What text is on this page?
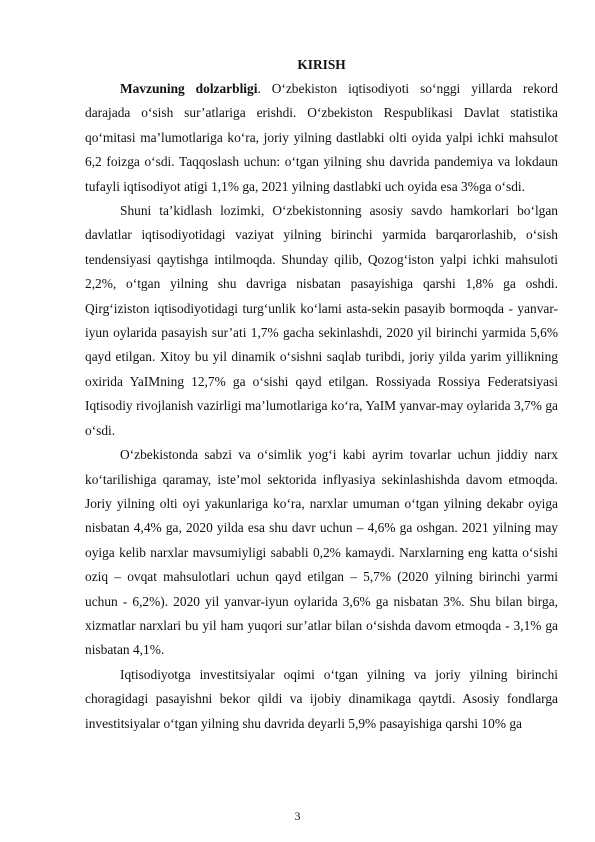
KIRISH

Mavzuning dolzarbligi. O‘zbekiston iqtisodiyoti so‘nggi yillarda rekord darajada o‘sish sur’atlariga erishdi. O‘zbekiston Respublikasi Davlat statistika qo‘mitasi ma’lumotlariga ko‘ra, joriy yilning dastlabki olti oyida yalpi ichki mahsulot 6,2 foizga o‘sdi. Taqqoslash uchun: o‘tgan yilning shu davrida pandemiya va lokdaun tufayli iqtisodiyot atigi 1,1% ga, 2021 yilning dastlabki uch oyida esa 3%ga o‘sdi.

Shuni ta’kidlash lozimki, O‘zbekistonning asosiy savdo hamkorlari bo‘lgan davlatlar iqtisodiyotidagi vaziyat yilning birinchi yarmida barqarorlashib, o‘sish tendensiyasi qaytishga intilmoqda. Shunday qilib, Qozog‘iston yalpi ichki mahsuloti 2,2%, o‘tgan yilning shu davriga nisbatan pasayishiga qarshi 1,8% ga oshdi. Qirg‘iziston iqtisodiyotidagi turg‘unlik ko‘lami asta-sekin pasayib bormoqda - yanvar-iyun oylarida pasayish sur’ati 1,7% gacha sekinlashdi, 2020 yil birinchi yarmida 5,6% qayd etilgan. Xitoy bu yil dinamik o‘sishni saqlab turibdi, joriy yilda yarim yillikning oxirida YaIMning 12,7% ga o‘sishi qayd etilgan. Rossiyada Rossiya Federatsiyasi Iqtisodiy rivojlanish vazirligi ma’lumotlariga ko‘ra, YaIM yanvar-may oylarida 3,7% ga o‘sdi.

O‘zbekistonda sabzi va o‘simlik yog‘i kabi ayrim tovarlar uchun jiddiy narx ko‘tarilishiga qaramay, iste’mol sektorida inflyasiya sekinlashishda davom etmoqda. Joriy yilning olti oyi yakunlariga ko‘ra, narxlar umuman o‘tgan yilning dekabr oyiga nisbatan 4,4% ga, 2020 yilda esa shu davr uchun – 4,6% ga oshgan. 2021 yilning may oyiga kelib narxlar mavsumiyligi sababli 0,2% kamaydi. Narxlarning eng katta o‘sishi oziq – ovqat mahsulotlari uchun qayd etilgan – 5,7% (2020 yilning birinchi yarmi uchun - 6,2%). 2020 yil yanvar-iyun oylarida 3,6% ga nisbatan 3%. Shu bilan birga, xizmatlar narxlari bu yil ham yuqori sur’atlar bilan o‘sishda davom etmoqda - 3,1% ga nisbatan 4,1%.

Iqtisodiyotga investitsiyalar oqimi o‘tgan yilning va joriy yilning birinchi choragidagi pasayishni bekor qildi va ijobiy dinamikaga qaytdi. Asosiy fondlarga investitsiyalar o‘tgan yilning shu davrida deyarli 5,9% pasayishiga qarshi 10% ga

3
